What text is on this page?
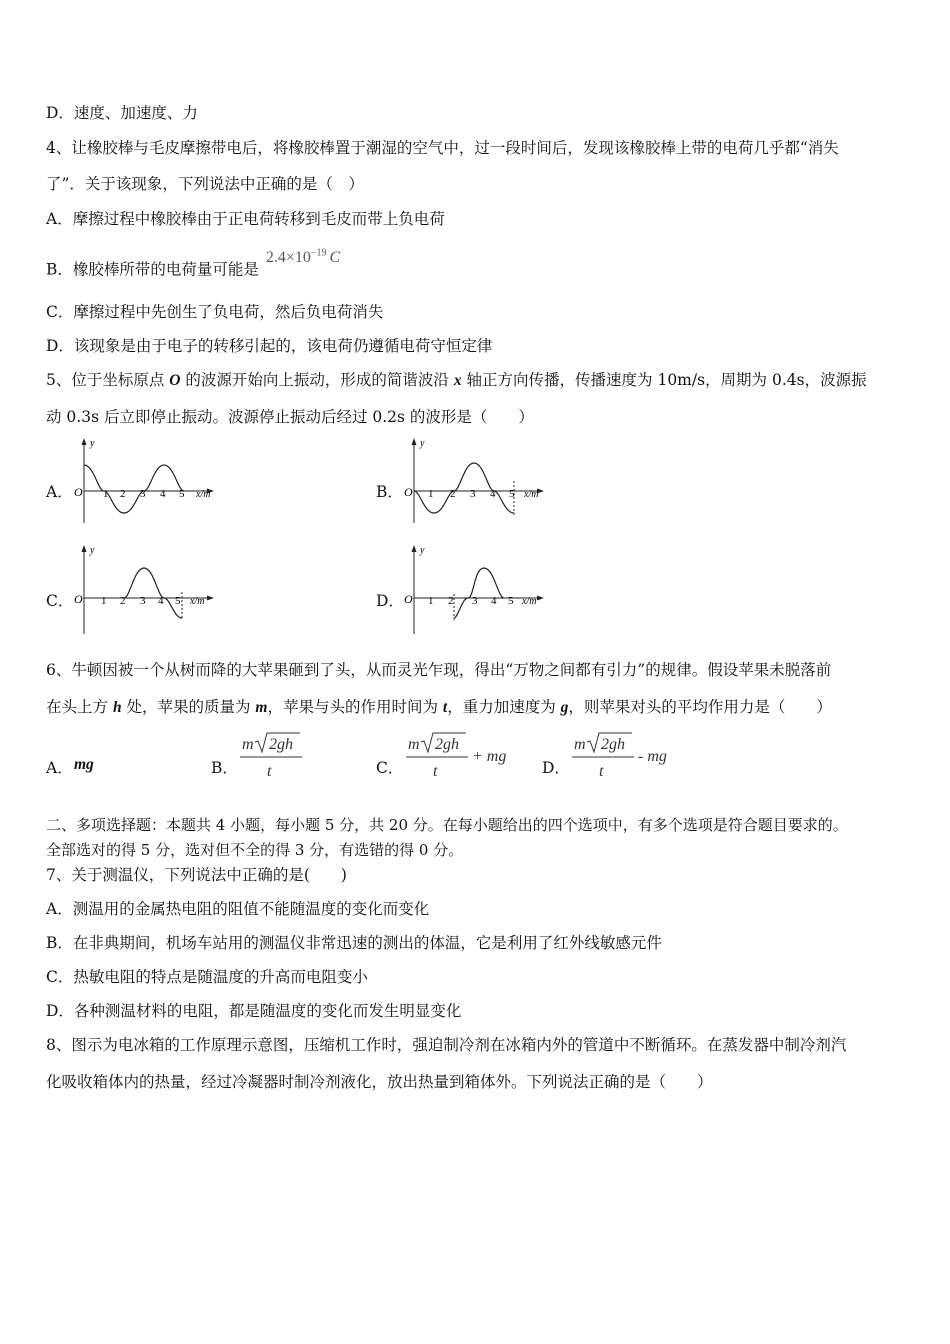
D．速度、加速度、力
4、让橡胶棒与毛皮摩擦带电后，将橡胶棒置于潮湿的空气中，过一段时间后，发现该橡胶棒上带的电荷几乎都“消失
了”．关于该现象，下列说法中正确的是（　）
A．摩擦过程中橡胶棒由于正电荷转移到毛皮而带上负电荷
B．橡胶棒所带的电荷量可能是 $2.4\times 10^{-19}$ C
C．摩擦过程中先创生了负电荷，然后负电荷消失
D．该现象是由于电子的转移引起的，该电荷仍遵循电荷守恒定律
5、位于坐标原点 O 的波源开始向上振动，形成的简谐波沿 x 轴正方向传播，传播速度为 10m/s，周期为 0.4s，波源振
动 0.3s 后立即停止振动。波源停止振动后经过 0.2s 的波形是（　　）
A．	B．
C．	D．
y
O 1 2 3 4 5 x/m
y
O 1 2 3 4 5 x/m
y
O 1 2 3 4 5 x/m
y
O 1 2 3 4 5 x/m
6、牛顿因被一个从树而降的大苹果砸到了头，从而灵光乍现，得出“万物之间都有引力”的规律。假设苹果未脱落前
在头上方 h 处，苹果的质量为 m，苹果与头的作用时间为 t，重力加速度为 g，则苹果对头的平均作用力是（　　）
A． mg	B．
m 2gh
t	C．
m 2gh
t
+ mg
D．
m 2gh
t
- mg
二、多项选择题：本题共 4 小题，每小题 5 分，共 20 分。在每小题给出的四个选项中，有多个选项是符合题目要求的。
全部选对的得 5 分，选对但不全的得 3 分，有选错的得 0 分。
7、关于测温仪，下列说法中正确的是(　　)
A．测温用的金属热电阻的阻值不能随温度的变化而变化
B．在非典期间，机场车站用的测温仪非常迅速的测出的体温，它是利用了红外线敏感元件
C．热敏电阻的特点是随温度的升高而电阻变小
D．各种测温材料的电阻，都是随温度的变化而发生明显变化
8、图示为电冰箱的工作原理示意图，压缩机工作时，强迫制冷剂在冰箱内外的管道中不断循环。在蒸发器中制冷剂汽
化吸收箱体内的热量，经过冷凝器时制冷剂液化，放出热量到箱体外。下列说法正确的是（　　）
